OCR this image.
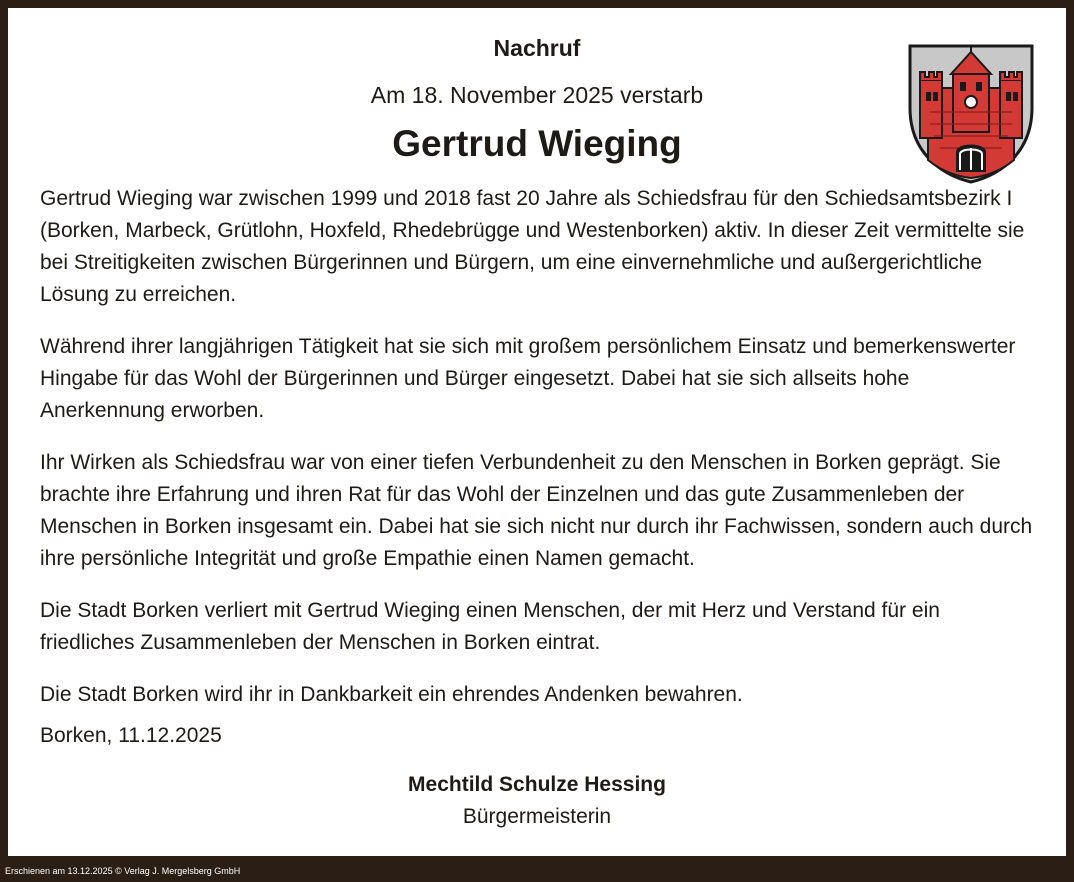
Nachruf
Am 18. November 2025 verstarb
Gertrud Wieging

Gertrud Wieging war zwischen 1999 und 2018 fast 20 Jahre als Schiedsfrau für den Schiedsamtsbezirk I (Borken, Marbeck, Grütlohn, Hoxfeld, Rhedebrügge und Westenborken) aktiv. In dieser Zeit vermittelte sie bei Streitigkeiten zwischen Bürgerinnen und Bürgern, um eine einvernehmliche und außergerichtliche Lösung zu erreichen.

Während ihrer langjährigen Tätigkeit hat sie sich mit großem persönlichem Einsatz und bemerkenswerter Hingabe für das Wohl der Bürgerinnen und Bürger eingesetzt. Dabei hat sie sich allseits hohe Anerkennung erworben.

Ihr Wirken als Schiedsfrau war von einer tiefen Verbundenheit zu den Menschen in Borken geprägt. Sie brachte ihre Erfahrung und ihren Rat für das Wohl der Einzelnen und das gute Zusammenleben der Menschen in Borken insgesamt ein. Dabei hat sie sich nicht nur durch ihr Fachwissen, sondern auch durch ihre persönliche Integrität und große Empathie einen Namen gemacht.

Die Stadt Borken verliert mit Gertrud Wieging einen Menschen, der mit Herz und Verstand für ein friedliches Zusammenleben der Menschen in Borken eintrat.

Die Stadt Borken wird ihr in Dankbarkeit ein ehrendes Andenken bewahren.

Borken, 11.12.2025

Mechtild Schulze Hessing

Bürgermeisterin

Erschienen am 13.12.2025 © Verlag J. Mergelsberg GmbH
